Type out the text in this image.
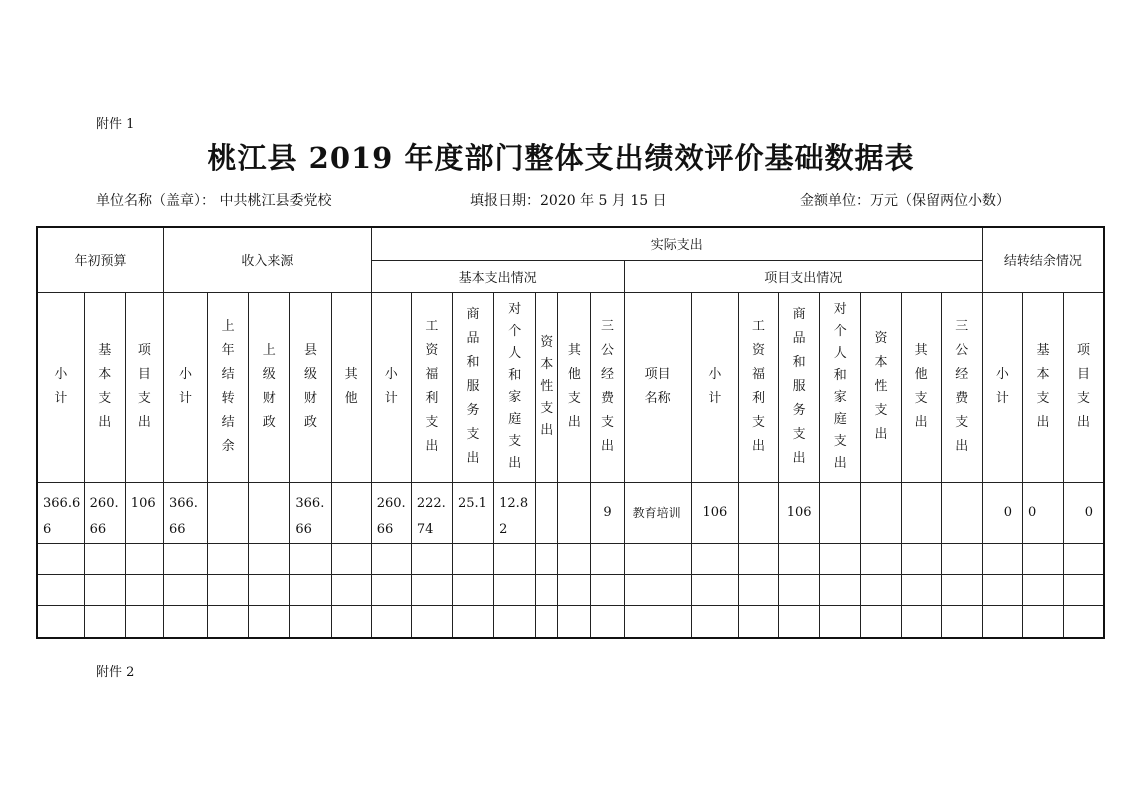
附件 1
桃江县 2019 年度部门整体支出绩效评价基础数据表
单位名称（盖章）： 中共桃江县委党校	填报日期：2020 年 5 月 15 日	金额单位：万元（保留两位小数）
年初预算			收入来源					实际支出															结转结余情况		
								基本支出情况							项目支出情况										
小计	基本支出	项目支出	小计	上年结转结余	上级财政	县级财政	其他	小计	工资福利支出	商品和服务支出	对个人和家庭支出	资本性支出	其他支出	三公经费支出	项目名称	小计	工资福利支出	商品和服务支出	对个人和家庭支出	资本性支出	其他支出	三公经费支出	小计	基本支出	项目支出
366.66	260.66	106	366.66			366.66		260.66	222.74	25.1	12.82			9	教育培训	106		106					0	0	0

附件 2
